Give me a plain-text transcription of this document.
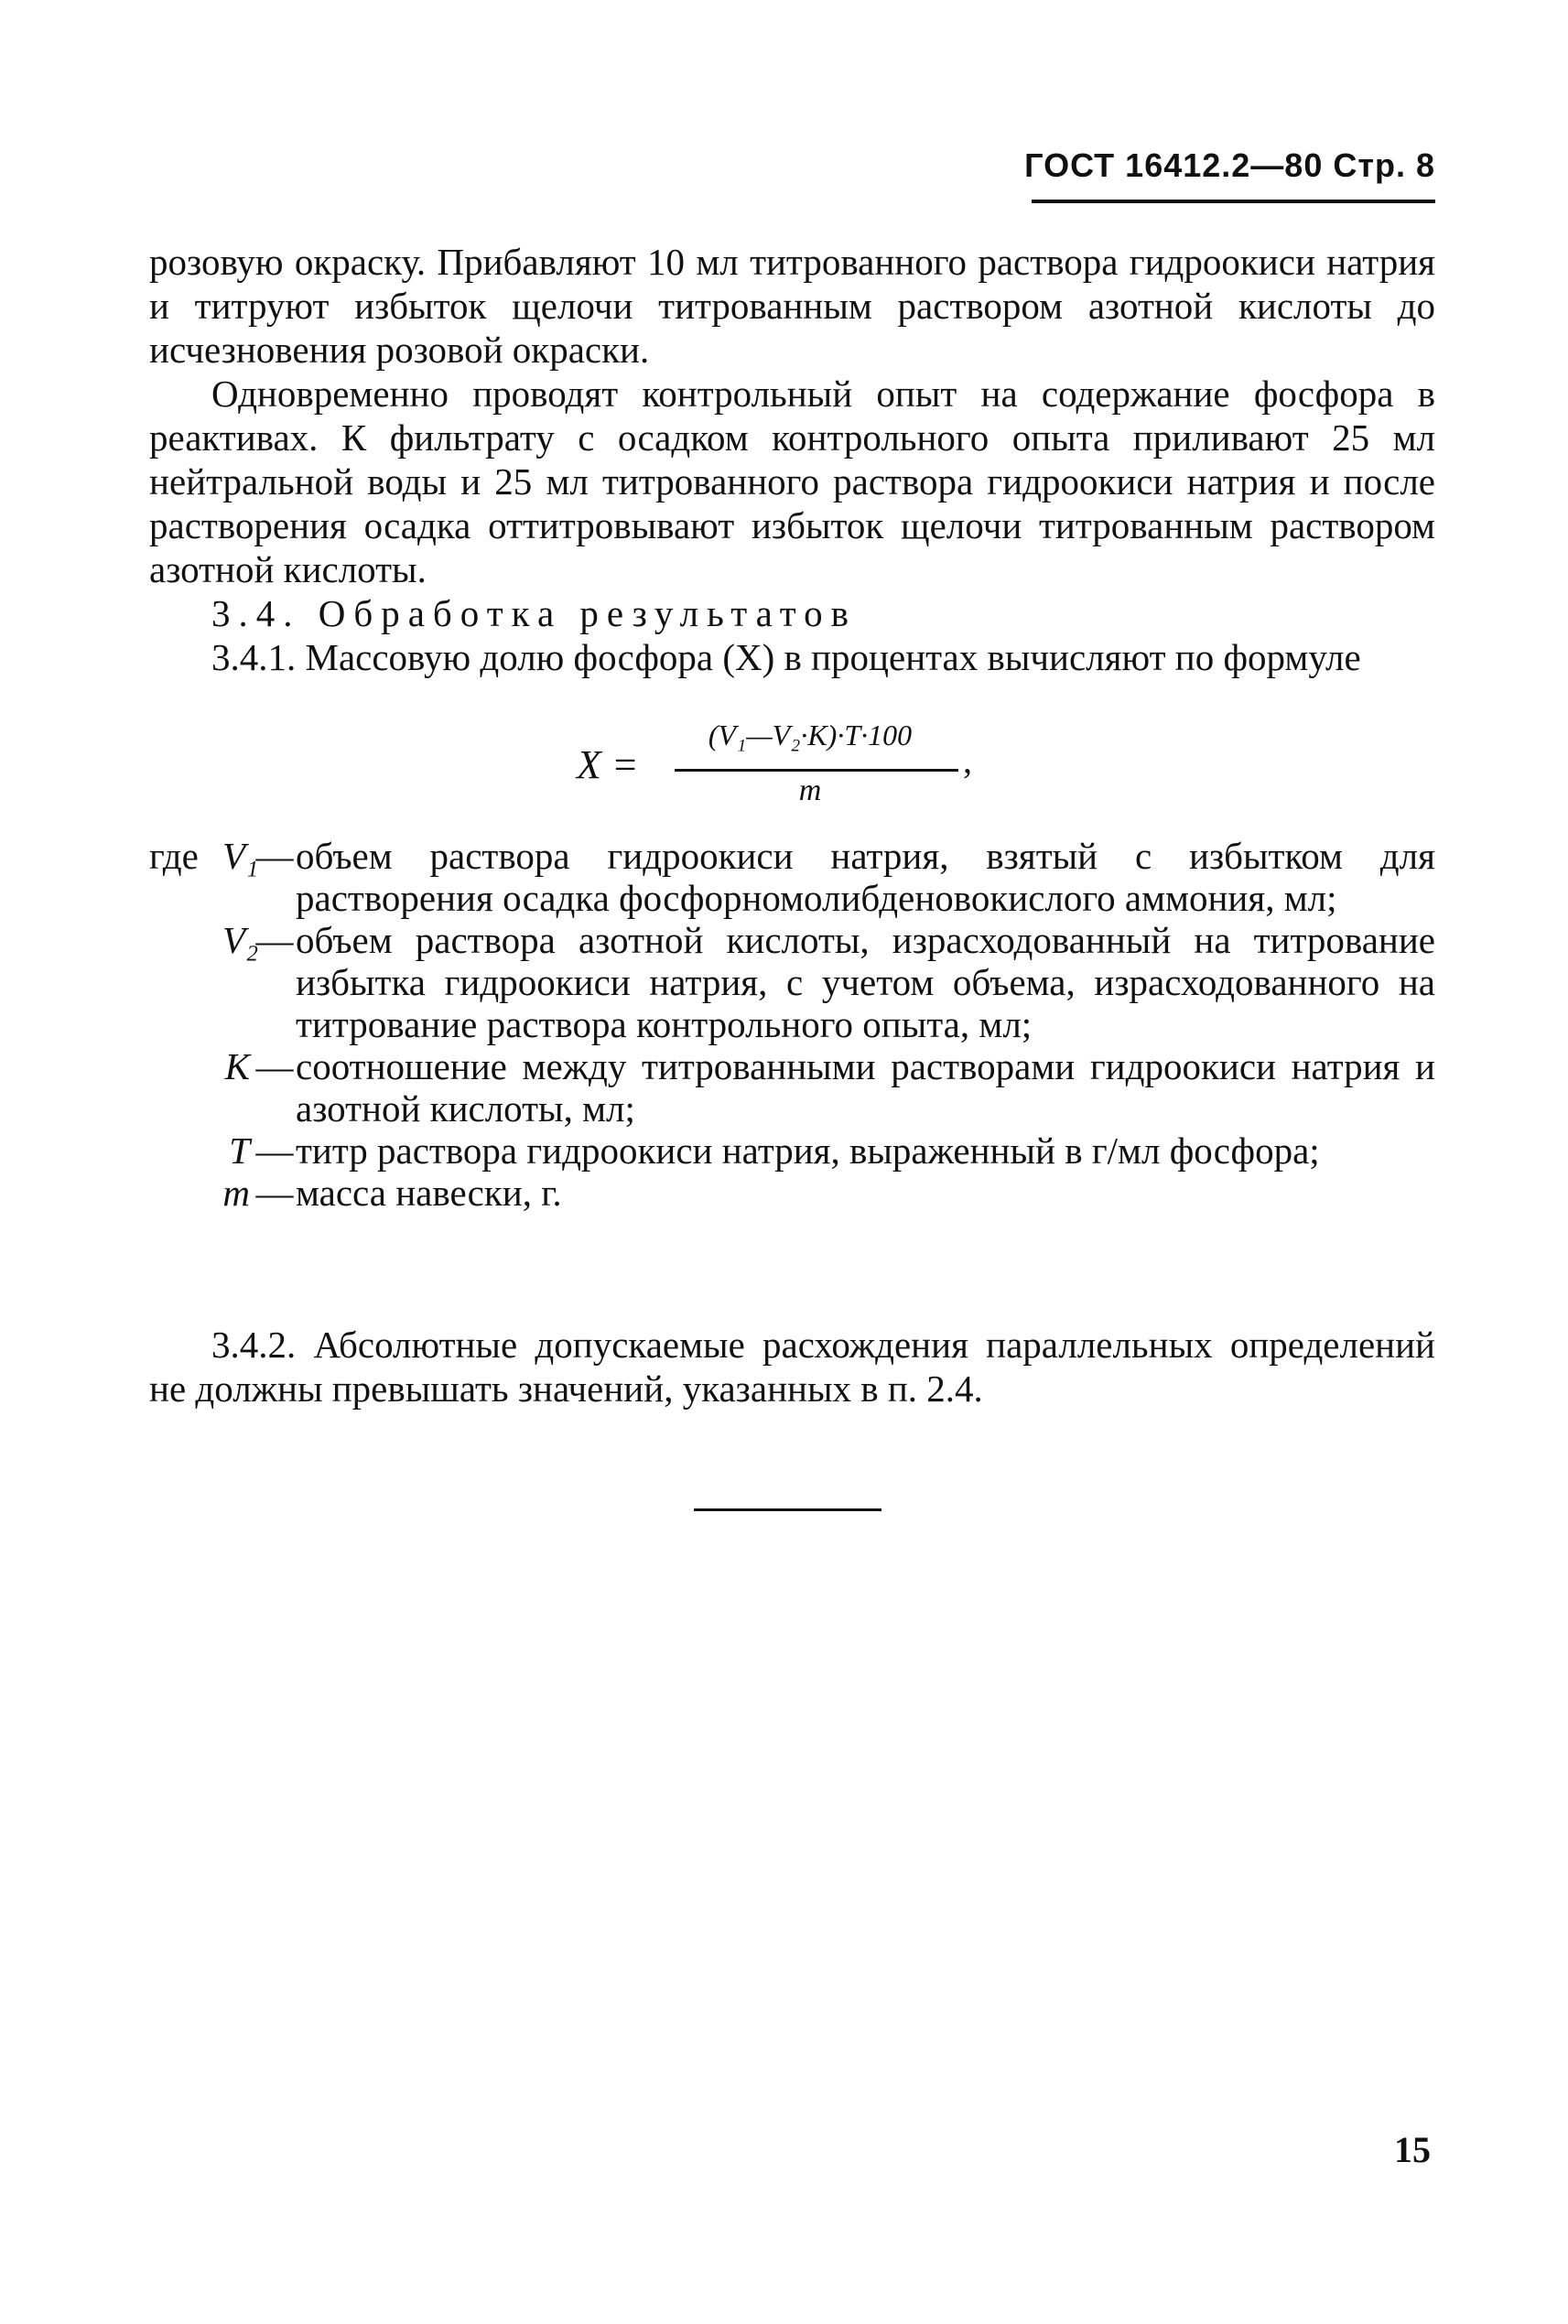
ГОСТ 16412.2—80 Стр. 8

розовую окраску. Прибавляют 10 мл титрованного раствора гидроокиси натрия и титруют избыток щелочи титрованным раствором азотной кислоты до исчезновения розовой окраски.

Одновременно проводят контрольный опыт на содержание фосфора в реактивах. К фильтрату с осадком контрольного опыта приливают 25 мл нейтральной воды и 25 мл титрованного раствора гидроокиси натрия и после растворения осадка оттитровывают избыток щелочи титрованным раствором азотной кислоты.

3.4. Обработка результатов

3.4.1. Массовую долю фосфора (X) в процентах вычисляют по формуле

X =
(V₁—V₂·K)·T·100
m
,
где V₁
— объем раствора гидроокиси натрия, взятый с избытком для растворения осадка фосфорномолибденовокислого аммония, мл;
V₂
— объем раствора азотной кислоты, израсходованный на титрование избытка гидроокиси натрия, с учетом объема, израсходованного на титрование раствора контрольного опыта, мл;
K — соотношение между титрованными растворами гидроокиси натрия и азотной кислоты, мл;
T — титр раствора гидроокиси натрия, выраженный в г/мл фосфора;
m — масса навески, г.

3.4.2. Абсолютные допускаемые расхождения параллельных определений не должны превышать значений, указанных в п. 2.4.

15
